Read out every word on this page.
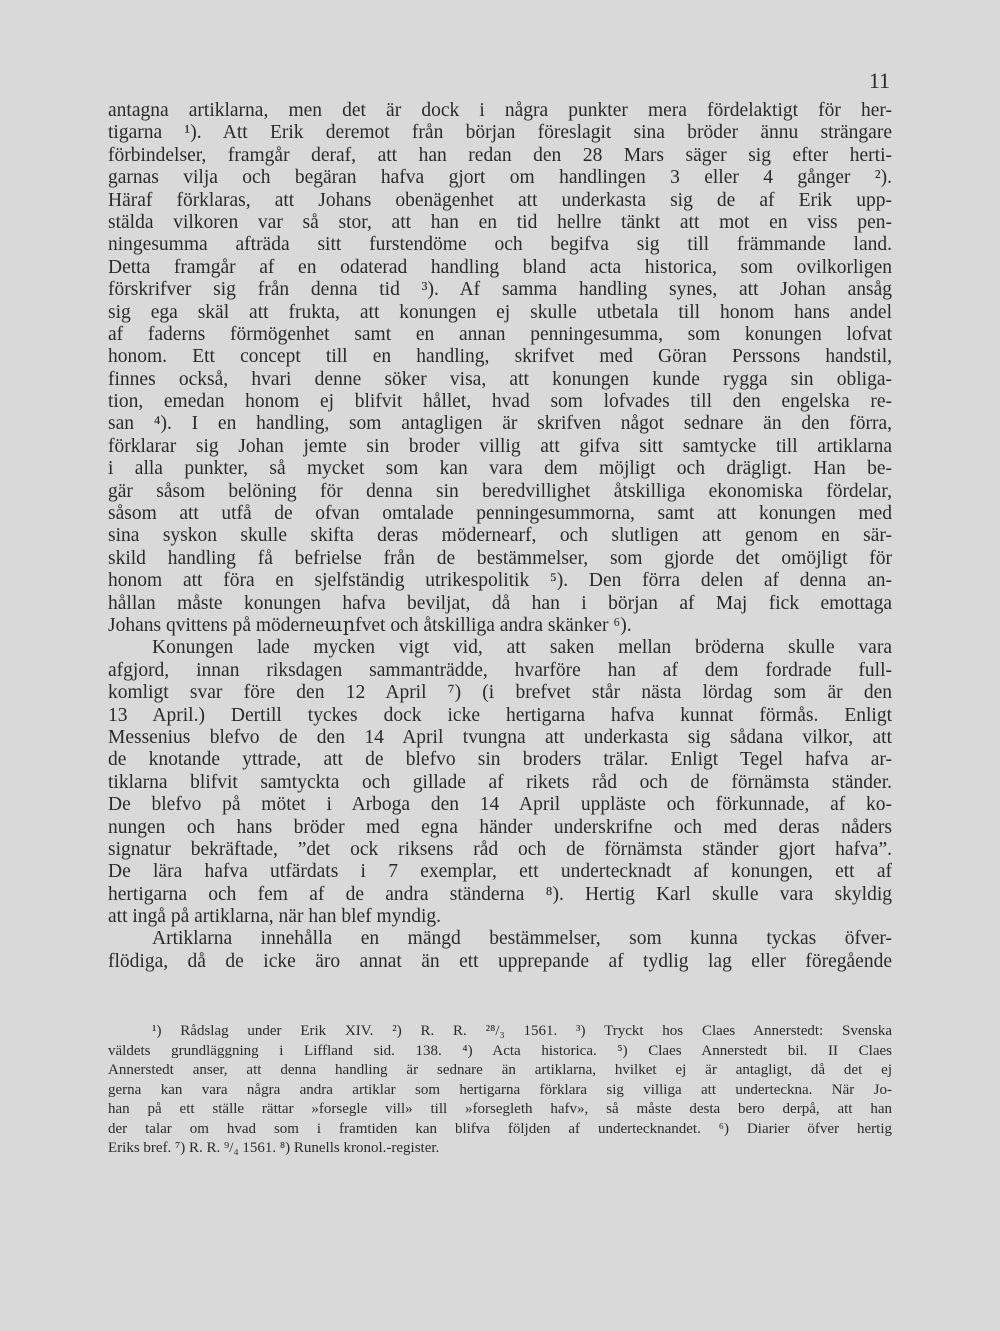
11
antagna artiklarna, men det är dock i några punkter mera fördelaktigt för her-
tigarna ¹). Att Erik deremot från början föreslagit sina bröder ännu strängare
förbindelser, framgår deraf, att han redan den 28 Mars säger sig efter herti-
garnas vilja och begäran hafva gjort om handlingen 3 eller 4 gånger ²).
Häraf förklaras, att Johans obenägenhet att underkasta sig de af Erik upp-
stälda vilkoren var så stor, att han en tid hellre tänkt att mot en viss pen-
ningesumma afträda sitt furstendöme och begifva sig till främmande land.
Detta framgår af en odaterad handling bland acta historica, som ovilkorligen
förskrifver sig från denna tid ³). Af samma handling synes, att Johan ansåg
sig ega skäl att frukta, att konungen ej skulle utbetala till honom hans andel
af faderns förmögenhet samt en annan penningesumma, som konungen lofvat
honom. Ett concept till en handling, skrifvet med Göran Perssons handstil,
finnes också, hvari denne söker visa, att konungen kunde rygga sin obliga-
tion, emedan honom ej blifvit hållet, hvad som lofvades till den engelska re-
san ⁴). I en handling, som antagligen är skrifven något sednare än den förra,
förklarar sig Johan jemte sin broder villig att gifva sitt samtycke till artiklarna
i alla punkter, så mycket som kan vara dem möjligt och drägligt. Han be-
gär såsom belöning för denna sin beredvillighet åtskilliga ekonomiska fördelar,
såsom att utfå de ofvan omtalade penningesummorna, samt att konungen med
sina syskon skulle skifta deras mödernearf, och slutligen att genom en sär-
skild handling få befrielse från de bestämmelser, som gjorde det omöjligt för
honom att föra en sjelfständig utrikespolitik ⁵). Den förra delen af denna an-
hållan måste konungen hafva beviljat, då han i början af Maj fick emottaga
Johans qvittens på möderneարfvet och åtskilliga andra skänker ⁶).
Konungen lade mycken vigt vid, att saken mellan bröderna skulle vara
afgjord, innan riksdagen sammanträdde, hvarföre han af dem fordrade full-
komligt svar före den 12 April ⁷) (i brefvet står nästa lördag som är den
13 April.) Dertill tyckes dock icke hertigarna hafva kunnat förmås. Enligt
Messenius blefvo de den 14 April tvungna att underkasta sig sådana vilkor, att
de knotande yttrade, att de blefvo sin broders trälar. Enligt Tegel hafva ar-
tiklarna blifvit samtyckta och gillade af rikets råd och de förnämsta ständer.
De blefvo på mötet i Arboga den 14 April uppläste och förkunnade, af ko-
nungen och hans bröder med egna händer underskrifne och med deras nåders
signatur bekräftade, ”det ock riksens råd och de förnämsta ständer gjort hafva”.
De lära hafva utfärdats i 7 exemplar, ett undertecknadt af konungen, ett af
hertigarna och fem af de andra ständerna ⁸). Hertig Karl skulle vara skyldig
att ingå på artiklarna, när han blef myndig.
Artiklarna innehålla en mängd bestämmelser, som kunna tyckas öfver-
flödiga, då de icke äro annat än ett upprepande af tydlig lag eller föregående
¹) Rådslag under Erik XIV. ²) R. R. ²⁸/₃ 1561. ³) Tryckt hos Claes Annerstedt: Svenska
väldets grundläggning i Liffland sid. 138. ⁴) Acta historica. ⁵) Claes Annerstedt bil. II Claes
Annerstedt anser, att denna handling är sednare än artiklarna, hvilket ej är antagligt, då det ej
gerna kan vara några andra artiklar som hertigarna förklara sig villiga att underteckna. När Jo-
han på ett ställe rättar »forsegle vill» till »forsegleth hafv», så måste desta bero derpå, att han
der talar om hvad som i framtiden kan blifva följden af undertecknandet. ⁶) Diarier öfver hertig
Eriks bref. ⁷) R. R. ⁹/₄ 1561. ⁸) Runells kronol.-register.
